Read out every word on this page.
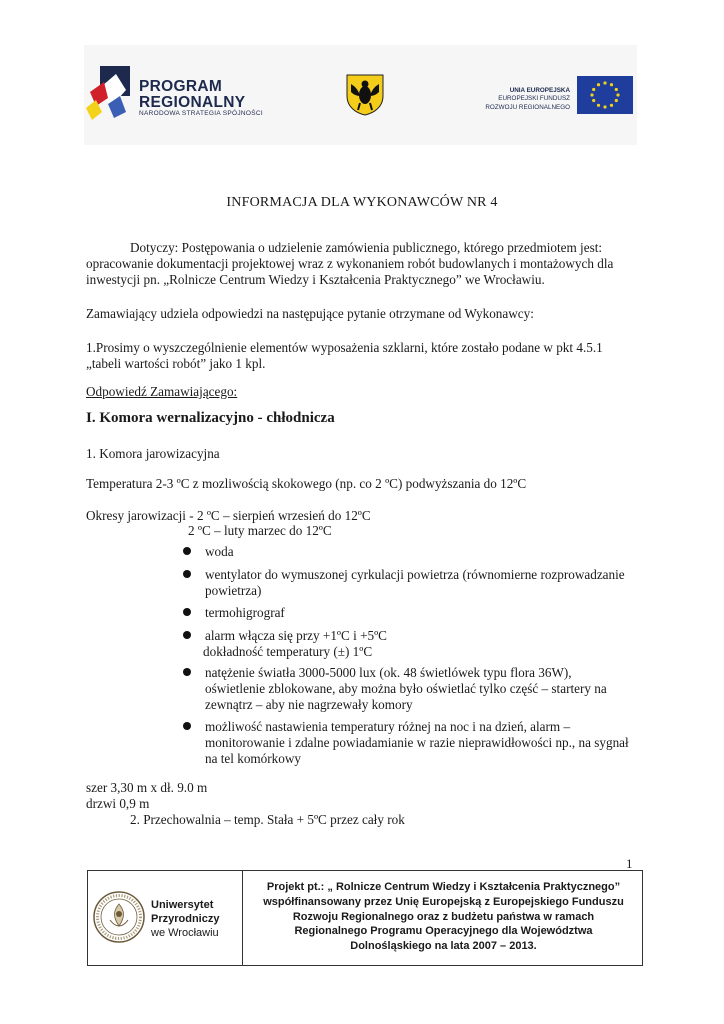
PROGRAM
REGIONALNY
NARODOWA STRATEGIA SPÓJNOŚCI
UNIA EUROPEJSKA
EUROPEJSKI FUNDUSZ
ROZWOJU REGIONALNEGO
INFORMACJA DLA WYKONAWCÓW NR 4
Dotyczy: Postępowania o udzielenie zamówienia publicznego, którego przedmiotem jest:
opracowanie dokumentacji projektowej wraz z wykonaniem robót budowlanych i montażowych dla
inwestycji pn. „Rolnicze Centrum Wiedzy i Kształcenia Praktycznego” we Wrocławiu.
Zamawiający udziela odpowiedzi na następujące pytanie otrzymane od Wykonawcy:
1.Prosimy o wyszczególnienie elementów wyposażenia szklarni, które zostało podane w pkt 4.5.1
„tabeli wartości robót” jako 1 kpl.
Odpowiedź Zamawiającego:
I. Komora wernalizacyjno - chłodnicza
1. Komora jarowizacyjna
Temperatura 2-3 ºC z mozliwością skokowego (np. co 2 ºC) podwyższania do 12ºC
Okresy jarowizacji - 2 ºC – sierpień wrzesień do 12ºC
2 ºC – luty marzec do 12ºC
woda
wentylator do wymuszonej cyrkulacji powietrza (równomierne rozprowadzanie
powietrza)
termohigrograf
alarm włącza się przy +1ºC i +5ºC
dokładność temperatury (±) 1ºC
natężenie światła 3000-5000 lux (ok. 48 świetlówek typu flora 36W),
oświetlenie zblokowane, aby można było oświetlać tylko część – startery na
zewnątrz – aby nie nagrzewały komory
możliwość nastawienia temperatury różnej na noc i na dzień, alarm –
monitorowanie i zdalne powiadamianie w razie nieprawidłowości np., na sygnał
na tel komórkowy
szer 3,30 m x dł. 9.0 m
drzwi 0,9 m
2. Przechowalnia – temp. Stała + 5ºC przez cały rok
1
Uniwersytet
Przyrodniczy
we Wrocławiu
Projekt pt.: „ Rolnicze Centrum Wiedzy i Kształcenia Praktycznego”
współfinansowany przez Unię Europejską z Europejskiego Funduszu
Rozwoju Regionalnego oraz z budżetu państwa w ramach
Regionalnego Programu Operacyjnego dla Województwa
Dolnośląskiego na lata 2007 – 2013.
